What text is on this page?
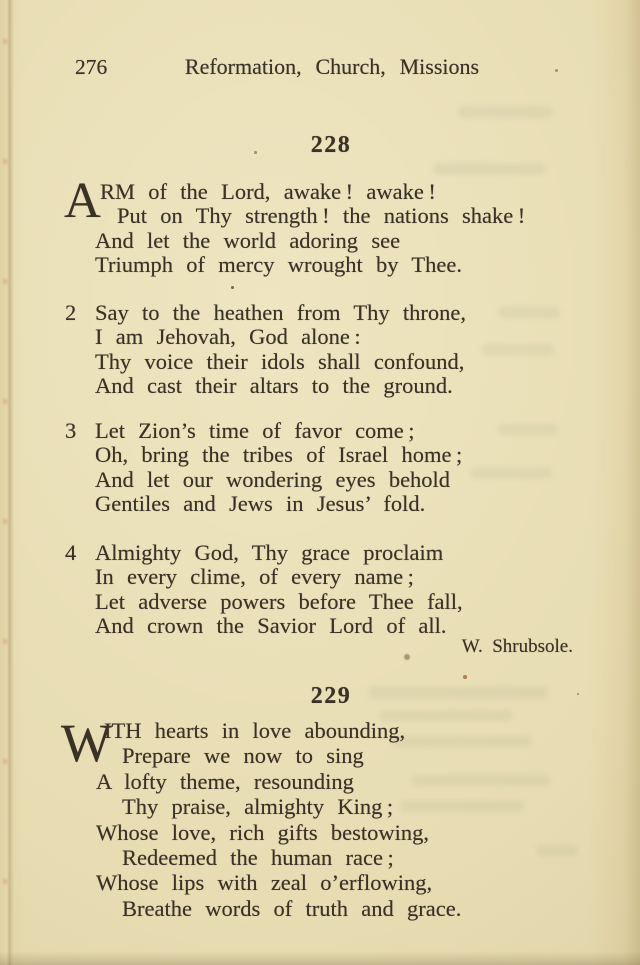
276	Reformation, Church, Missions
228
A RM of the Lord, awake ! awake !
Put on Thy strength ! the nations shake !
And let the world adoring see
Triumph of mercy wrought by Thee.
2 Say to the heathen from Thy throne,
I am Jehovah, God alone :
Thy voice their idols shall confound,
And cast their altars to the ground.
3 Let Zion’s time of favor come ;
Oh, bring the tribes of Israel home ;
And let our wondering eyes behold
Gentiles and Jews in Jesus’ fold.
4 Almighty God, Thy grace proclaim
In every clime, of every name ;
Let adverse powers before Thee fall,
And crown the Savior Lord of all.
W. Shrubsole.
229
W
ITH hearts in love abounding,
Prepare we now to sing
A lofty theme, resounding
Thy praise, almighty King ;
Whose love, rich gifts bestowing,
Redeemed the human race ;
Whose lips with zeal o’erflowing,
Breathe words of truth and grace.
